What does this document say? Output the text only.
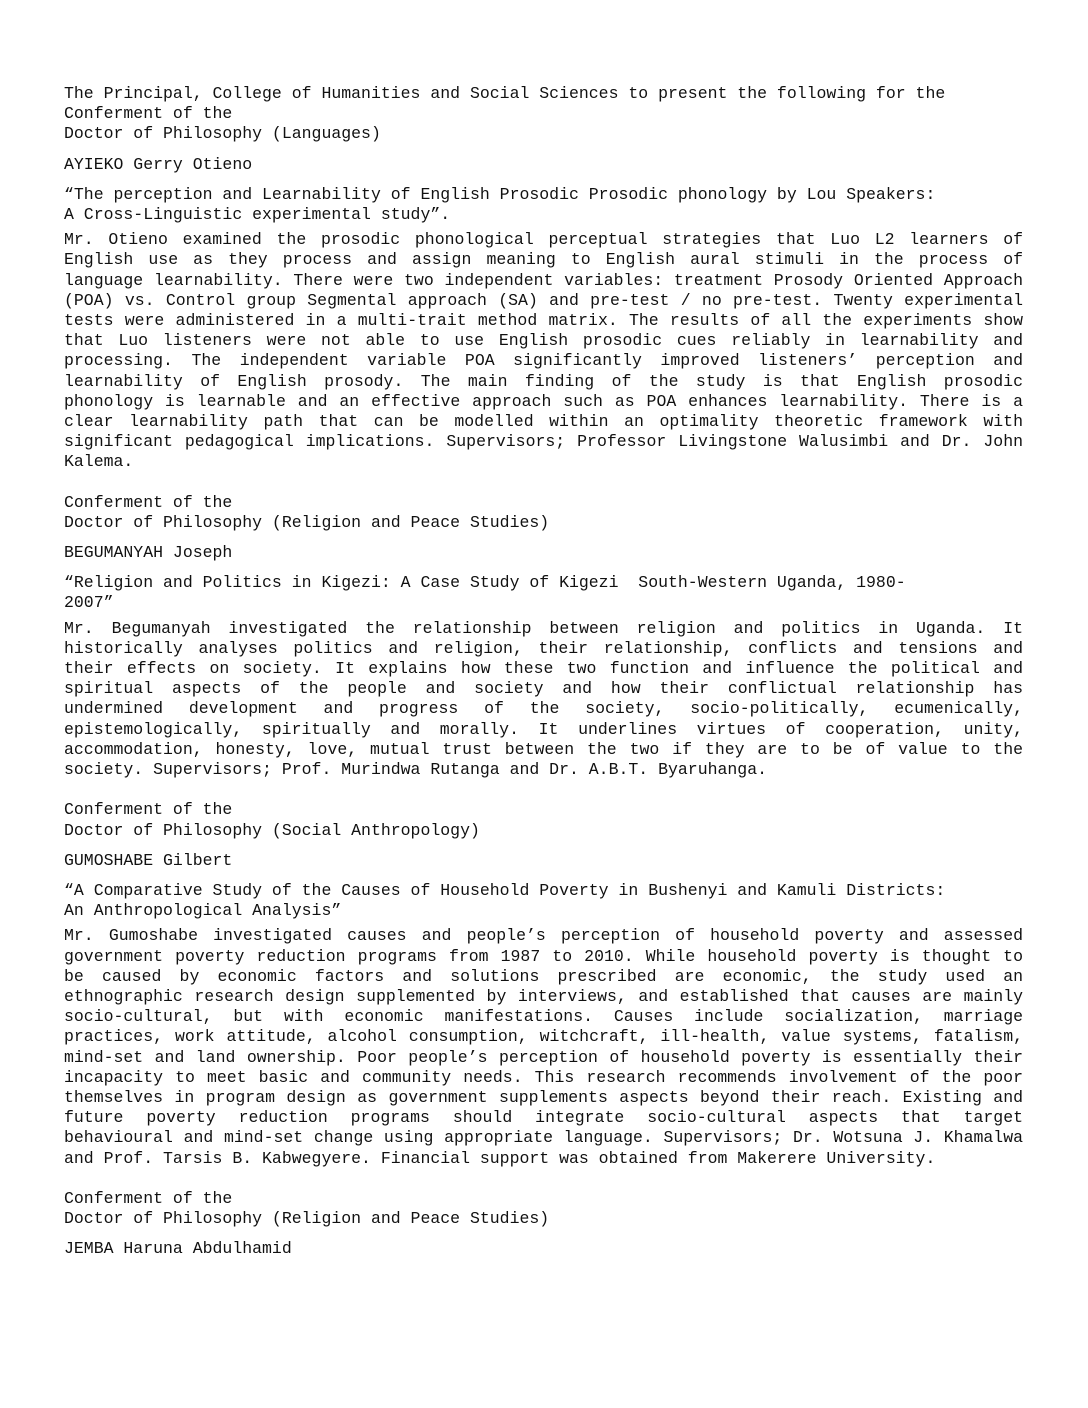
The Principal, College of Humanities and Social Sciences to present the following for the

Conferment of the

Doctor of Philosophy (Languages)

AYIEKO Gerry Otieno

“The perception and Learnability of English Prosodic Prosodic phonology by Lou Speakers:

A Cross-Linguistic experimental study”.

Mr. Otieno examined the prosodic phonological perceptual strategies that Luo L2 learners of English use as they process and assign meaning to English aural stimuli in the process of language learnability. There were two independent variables: treatment Prosody Oriented Approach (POA) vs. Control group Segmental approach (SA) and pre-test / no pre-test. Twenty experimental tests were administered in a multi-trait method matrix. The results of all the experiments show that Luo listeners were not able to use English prosodic cues reliably in learnability and processing. The independent variable POA significantly improved listeners’ perception and learnability of English prosody. The main finding of the study is that English prosodic phonology is learnable and an effective approach such as POA enhances learnability. There is a clear learnability path that can be modelled within an optimality theoretic framework with significant pedagogical implications. Supervisors; Professor Livingstone Walusimbi and Dr. John Kalema.

Conferment of the

Doctor of Philosophy (Religion and Peace Studies)

BEGUMANYAH Joseph

“Religion and Politics in Kigezi: A Case Study of Kigezi  South-Western Uganda, 1980-

2007”

Mr. Begumanyah investigated the relationship between religion and politics in Uganda. It historically analyses politics and religion, their relationship, conflicts and tensions and their effects on society. It explains how these two function and influence the political and spiritual aspects of the people and society and how their conflictual relationship has undermined development and progress of the society, socio-politically, ecumenically, epistemologically, spiritually and morally. It underlines virtues of cooperation, unity, accommodation, honesty, love, mutual trust between the two if they are to be of value to the society. Supervisors; Prof. Murindwa Rutanga and Dr. A.B.T. Byaruhanga.

Conferment of the

Doctor of Philosophy (Social Anthropology)

GUMOSHABE Gilbert

“A Comparative Study of the Causes of Household Poverty in Bushenyi and Kamuli Districts:

An Anthropological Analysis”

Mr. Gumoshabe investigated causes and people’s perception of household poverty and assessed government poverty reduction programs from 1987 to 2010. While household poverty is thought to be caused by economic factors and solutions prescribed are economic, the study used an ethnographic research design supplemented by interviews, and established that causes are mainly socio-cultural, but with economic manifestations. Causes include socialization, marriage practices, work attitude, alcohol consumption, witchcraft, ill-health, value systems, fatalism, mind-set and land ownership. Poor people’s perception of household poverty is essentially their incapacity to meet basic and community needs. This research recommends involvement of the poor themselves in program design as government supplements aspects beyond their reach. Existing and future poverty reduction programs should integrate socio-cultural aspects that target behavioural and mind-set change using appropriate language. Supervisors; Dr. Wotsuna J. Khamalwa and Prof. Tarsis B. Kabwegyere. Financial support was obtained from Makerere University.

Conferment of the

Doctor of Philosophy (Religion and Peace Studies)

JEMBA Haruna Abdulhamid
